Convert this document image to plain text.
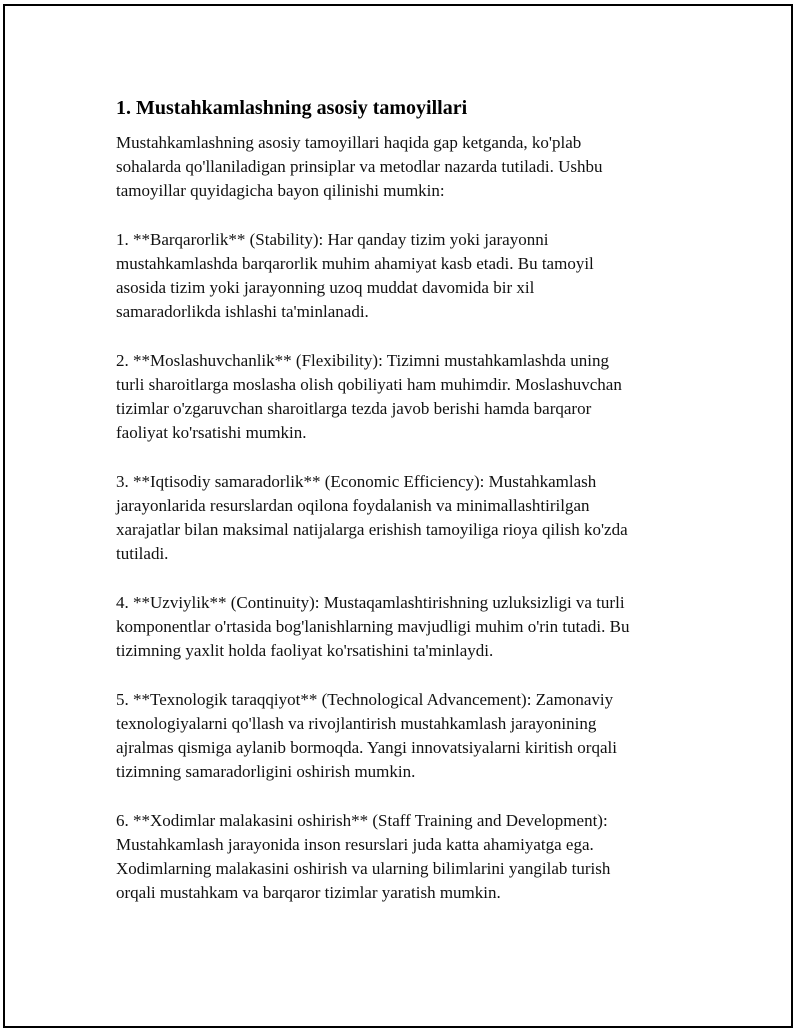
1. Mustahkamlashning asosiy tamoyillari
Mustahkamlashning asosiy tamoyillari haqida gap ketganda, ko'plab
sohalarda qo'llaniladigan prinsiplar va metodlar nazarda tutiladi. Ushbu
tamoyillar quyidagicha bayon qilinishi mumkin:
1. **Barqarorlik** (Stability): Har qanday tizim yoki jarayonni
mustahkamlashda barqarorlik muhim ahamiyat kasb etadi. Bu tamoyil
asosida tizim yoki jarayonning uzoq muddat davomida bir xil
samaradorlikda ishlashi ta'minlanadi.
2. **Moslashuvchanlik** (Flexibility): Tizimni mustahkamlashda uning
turli sharoitlarga moslasha olish qobiliyati ham muhimdir. Moslashuvchan
tizimlar o'zgaruvchan sharoitlarga tezda javob berishi hamda barqaror
faoliyat ko'rsatishi mumkin.
3. **Iqtisodiy samaradorlik** (Economic Efficiency): Mustahkamlash
jarayonlarida resurslardan oqilona foydalanish va minimallashtirilgan
xarajatlar bilan maksimal natijalarga erishish tamoyiliga rioya qilish ko'zda
tutiladi.
4. **Uzviylik** (Continuity): Mustaqamlashtirishning uzluksizligi va turli
komponentlar o'rtasida bog'lanishlarning mavjudligi muhim o'rin tutadi. Bu
tizimning yaxlit holda faoliyat ko'rsatishini ta'minlaydi.
5. **Texnologik taraqqiyot** (Technological Advancement): Zamonaviy
texnologiyalarni qo'llash va rivojlantirish mustahkamlash jarayonining
ajralmas qismiga aylanib bormoqda. Yangi innovatsiyalarni kiritish orqali
tizimning samaradorligini oshirish mumkin.
6. **Xodimlar malakasini oshirish** (Staff Training and Development):
Mustahkamlash jarayonida inson resurslari juda katta ahamiyatga ega.
Xodimlarning malakasini oshirish va ularning bilimlarini yangilab turish
orqali mustahkam va barqaror tizimlar yaratish mumkin.
